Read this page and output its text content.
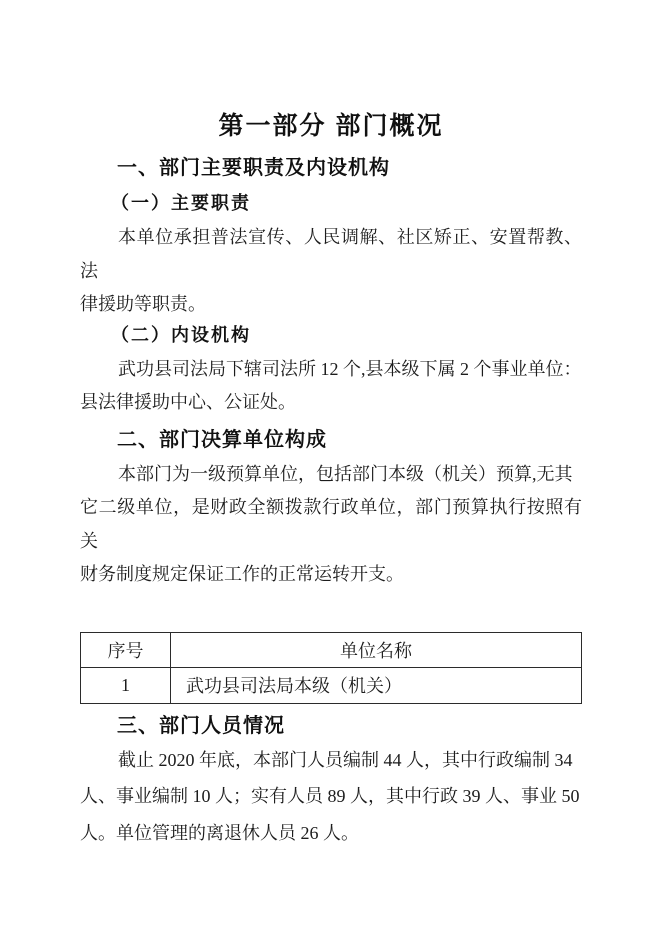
第一部分 部门概况
一、部门主要职责及内设机构
（一）主要职责

本单位承担普法宣传、人民调解、社区矫正、安置帮教、法
律援助等职责。

（二）内设机构

武功县司法局下辖司法所 12 个,县本级下属 2 个事业单位：
县法律援助中心、公证处。

二、部门决算单位构成

本部门为一级预算单位，包括部门本级（机关）预算,无其
它二级单位，是财政全额拨款行政单位，部门预算执行按照有关
财务制度规定保证工作的正常运转开支。

序号	单位名称
1	武功县司法局本级（机关）
三、部门人员情况

截止 2020 年底，本部门人员编制 44 人，其中行政编制 34
人、事业编制 10 人；实有人员 89 人，其中行政 39 人、事业 50
人。单位管理的离退休人员 26 人。
